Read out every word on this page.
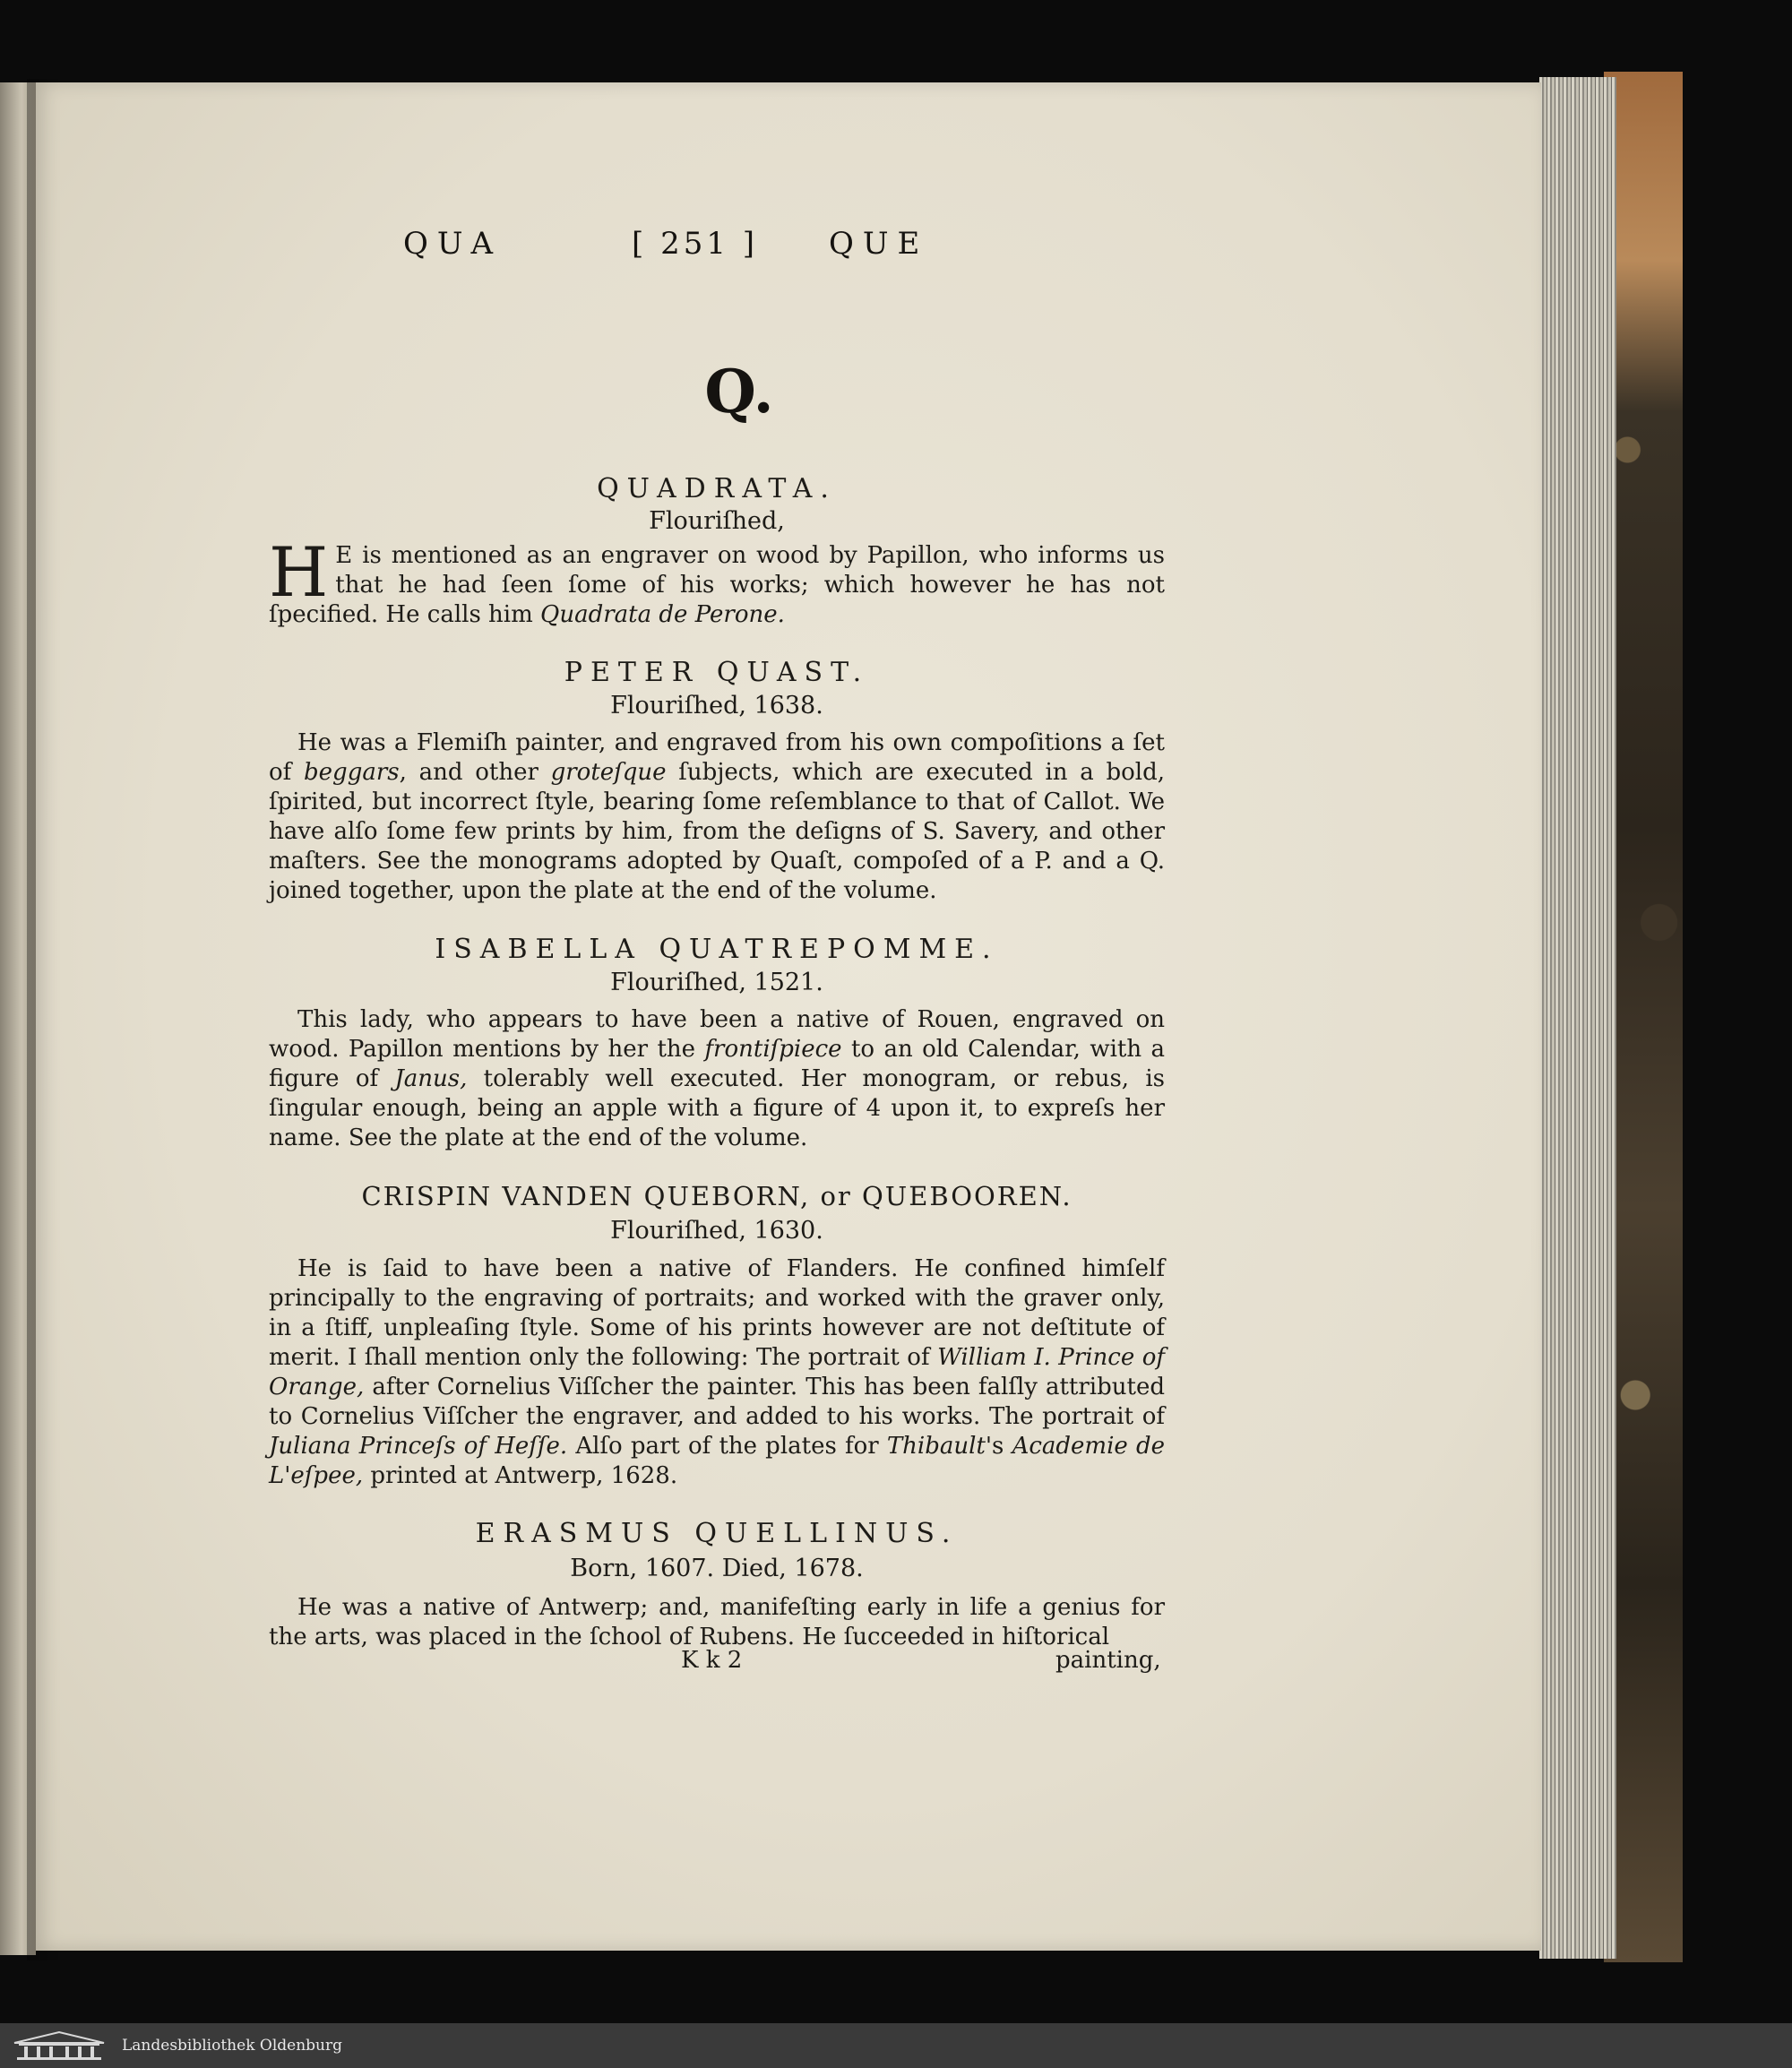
QUA	[ 251 ] QUE
Q.
QUADRATA.
Flouriſhed,
H E is mentioned as an engraver on wood by Papillon, who informs us that he had ſeen ſome of his works; which however he has not ſpecified. He calls him Quadrata de Perone.
PETER QUAST.
Flouriſhed, 1638.
He was a Flemiſh painter, and engraved from his own compoſitions a ſet of beggars, and other groteſque ſubjects, which are executed in a bold, ſpirited, but incorrect ſtyle, bearing ſome reſemblance to that of Callot. We have alſo ſome few prints by him, from the deſigns of S. Savery, and other maſters. See the monograms adopted by Quaſt, compoſed of a P. and a Q. joined together, upon the plate at the end of the volume.
ISABELLA QUATREPOMME.
Flouriſhed, 1521.
This lady, who appears to have been a native of Rouen, engraved on wood. Papillon mentions by her the frontiſpiece to an old Calendar, with a figure of Janus, tolerably well executed. Her monogram, or rebus, is ſingular enough, being an apple with a figure of 4 upon it, to expreſs her name. See the plate at the end of the volume.
CRISPIN VANDEN QUEBORN, or QUEBOOREN.
Flouriſhed, 1630.
He is ſaid to have been a native of Flanders. He confined himſelf principally to the engraving of portraits; and worked with the graver only, in a ſtiff, unpleaſing ſtyle. Some of his prints however are not deſtitute of merit. I ſhall mention only the following: The portrait of William I. Prince of Orange, after Cornelius Viſſcher the painter. This has been falſly attributed to Cornelius Viſſcher the engraver, and added to his works. The portrait of Juliana Princeſs of Heſſe. Alſo part of the plates for Thibault's Academie de L'eſpee, printed at Antwerp, 1628.
ERASMUS QUELLINUS.
Born, 1607. Died, 1678.
He was a native of Antwerp; and, manifeſting early in life a genius for the arts, was placed in the ſchool of Rubens. He ſucceeded in hiſtorical
K k 2	painting,
Landesbibliothek Oldenburg
